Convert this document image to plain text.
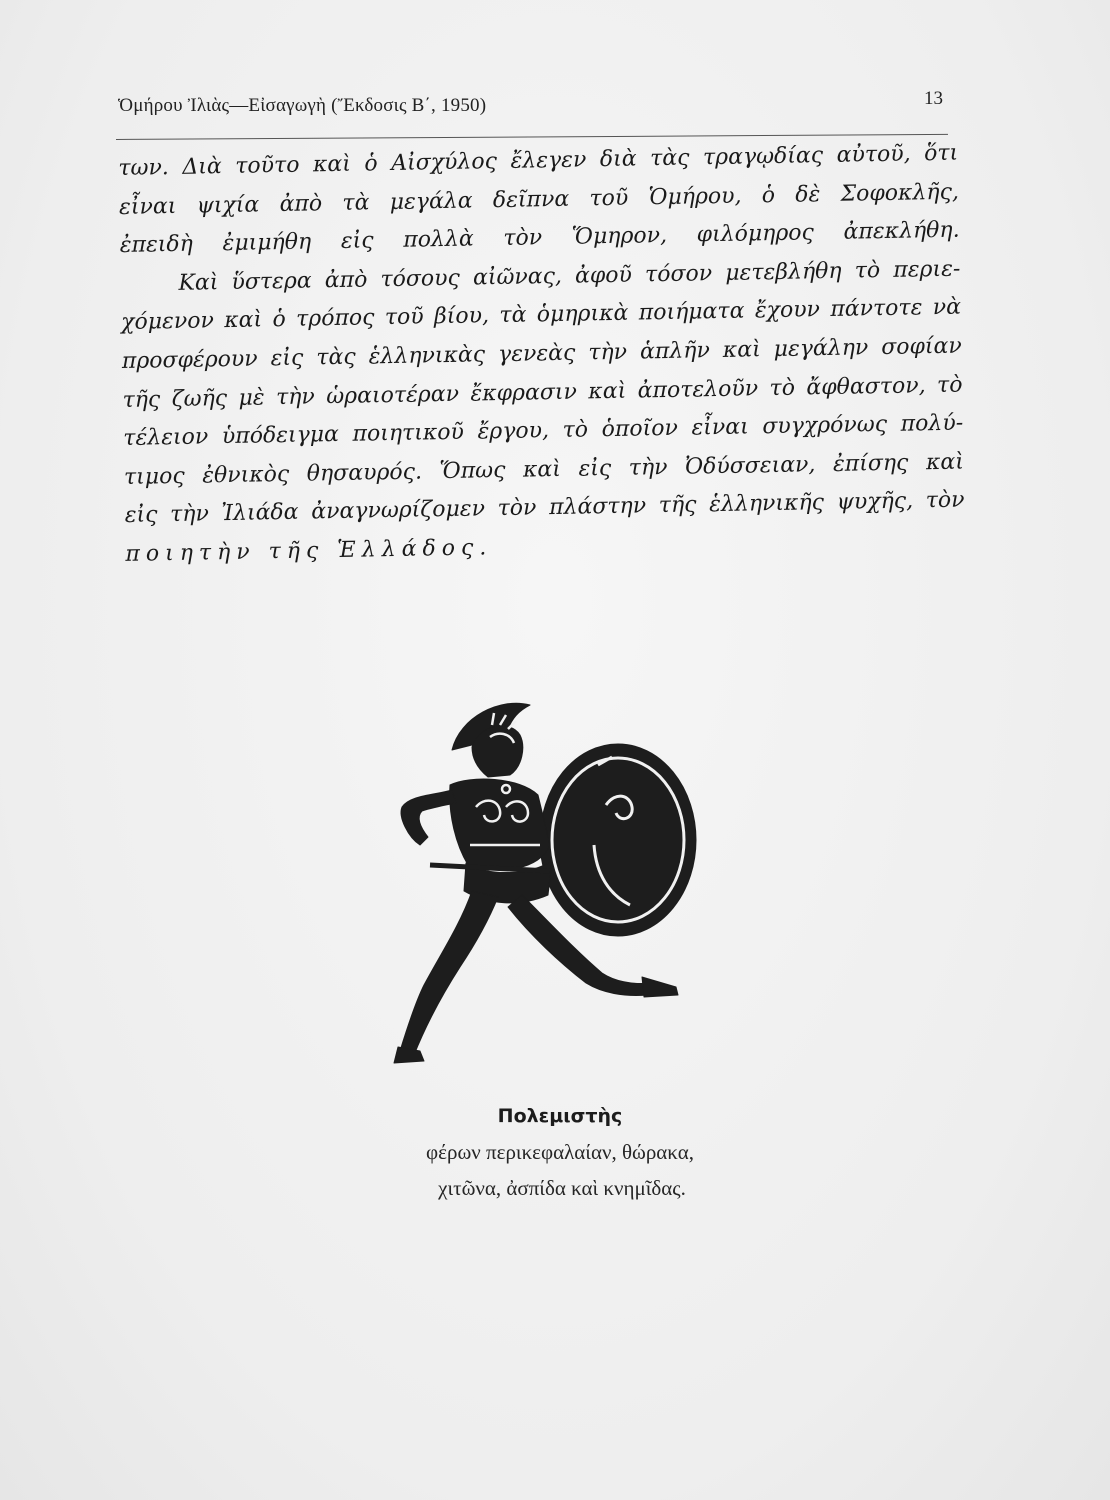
Ὁμήρου Ἰλιὰς—Εἰσαγωγὴ (Ἔκδοσις Β΄, 1950)	13
των. Διὰ τοῦτο καὶ ὁ Αἰσχύλος ἔλεγεν διὰ τὰς τραγῳδίας αὐτοῦ, ὅτι
εἶναι ψιχία ἀπὸ τὰ μεγάλα δεῖπνα τοῦ Ὁμήρου, ὁ δὲ Σοφοκλῆς,
ἐπειδὴ ἐμιμήθη εἰς πολλὰ τὸν Ὅμηρον, φιλόμηρος ἀπεκλήθη.
Καὶ ὕστερα ἀπὸ τόσους αἰῶνας, ἀφοῦ τόσον μετεβλήθη τὸ περιε-
χόμενον καὶ ὁ τρόπος τοῦ βίου, τὰ ὁμηρικὰ ποιήματα ἔχουν πάντοτε νὰ
προσφέρουν εἰς τὰς ἑλληνικὰς γενεὰς τὴν ἁπλῆν καὶ μεγάλην σοφίαν
τῆς ζωῆς μὲ τὴν ὡραιοτέραν ἔκφρασιν καὶ ἀποτελοῦν τὸ ἄφθαστον, τὸ
τέλειον ὑπόδειγμα ποιητικοῦ ἔργου, τὸ ὁποῖον εἶναι συγχρόνως πολύ-
τιμος ἐθνικὸς θησαυρός. Ὅπως καὶ εἰς τὴν Ὀδύσσειαν, ἐπίσης καὶ
εἰς τὴν Ἰλιάδα ἀναγνωρίζομεν τὸν πλάστην τῆς ἑλληνικῆς ψυχῆς, τὸν
ποιητὴν τῆς Ἑλλάδος.
Πολεμιστὴς
φέρων περικεφαλαίαν, θώρακα,
χιτῶνα, ἀσπίδα καὶ κνημῖδας.
